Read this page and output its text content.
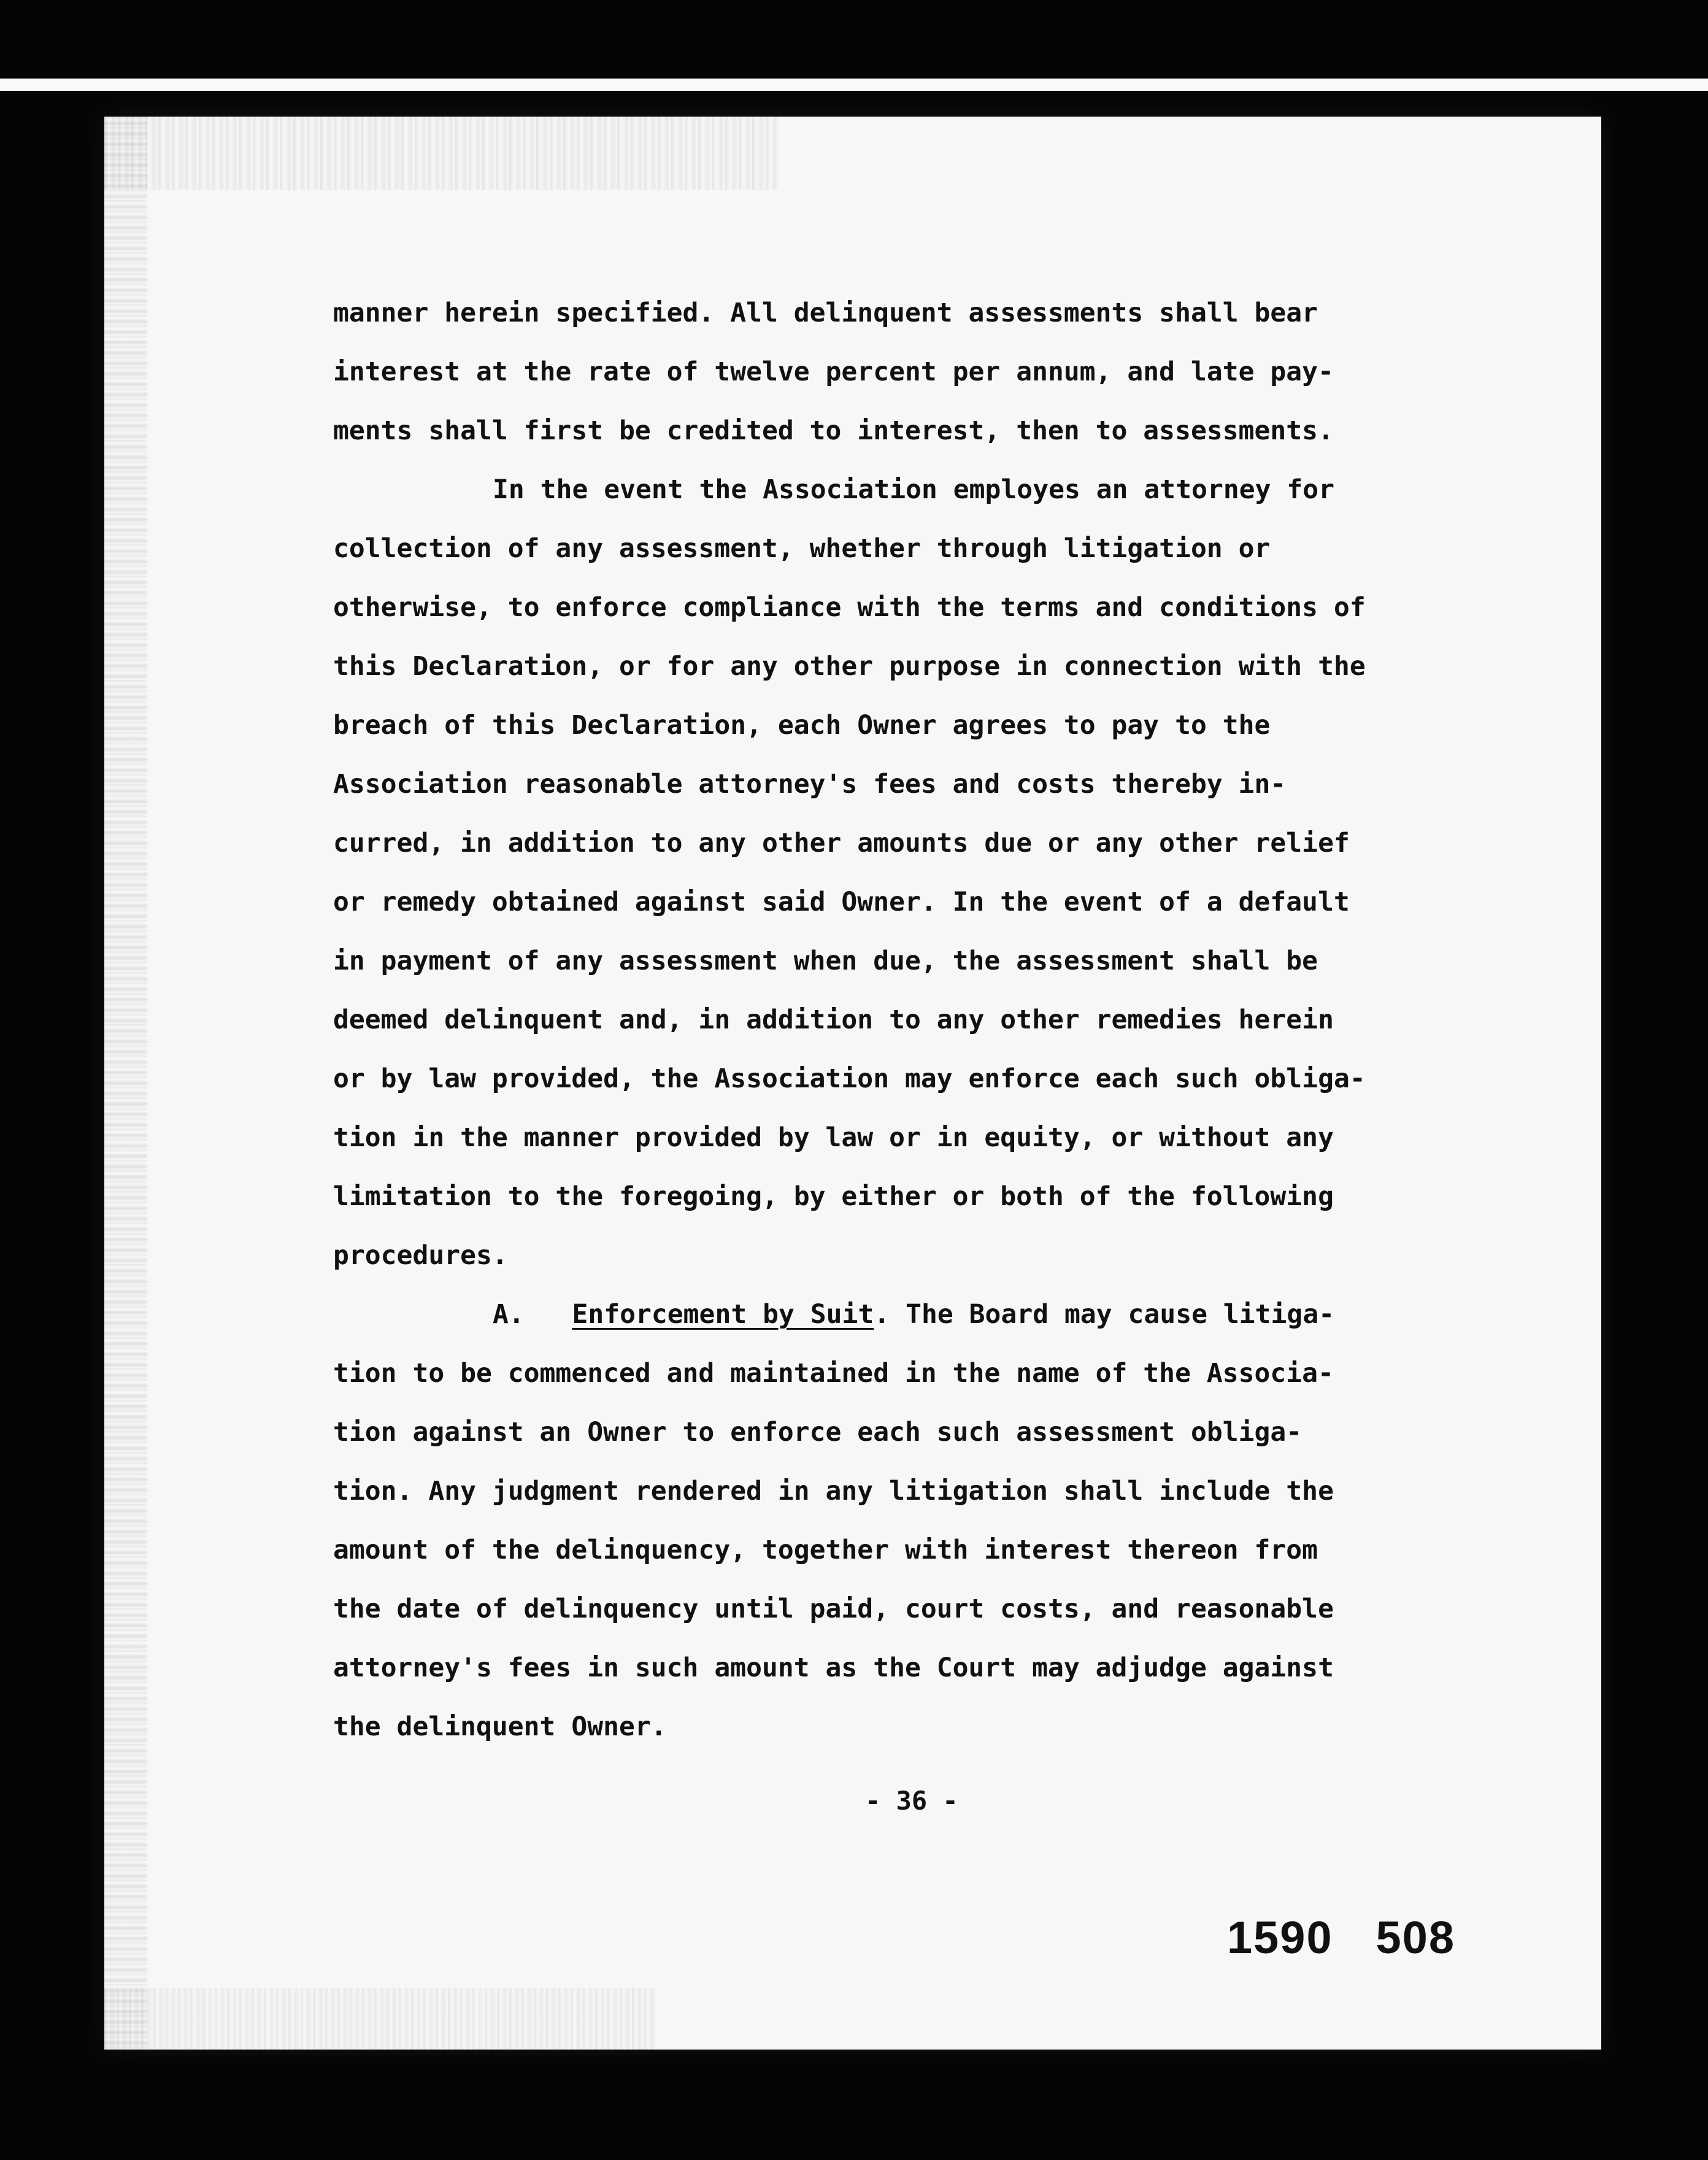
manner herein specified. All delinquent assessments shall bear
interest at the rate of twelve percent per annum, and late pay-
ments shall first be credited to interest, then to assessments.
In the event the Association employes an attorney for
collection of any assessment, whether through litigation or
otherwise, to enforce compliance with the terms and conditions of
this Declaration, or for any other purpose in connection with the
breach of this Declaration, each Owner agrees to pay to the
Association reasonable attorney's fees and costs thereby in-
curred, in addition to any other amounts due or any other relief
or remedy obtained against said Owner. In the event of a default
in payment of any assessment when due, the assessment shall be
deemed delinquent and, in addition to any other remedies herein
or by law provided, the Association may enforce each such obliga-
tion in the manner provided by law or in equity, or without any
limitation to the foregoing, by either or both of the following
procedures.
A. Enforcement by Suit. The Board may cause litiga-
tion to be commenced and maintained in the name of the Associa-
tion against an Owner to enforce each such assessment obliga-
tion. Any judgment rendered in any litigation shall include the
amount of the delinquency, together with interest thereon from
the date of delinquency until paid, court costs, and reasonable
attorney's fees in such amount as the Court may adjudge against
the delinquent Owner.
- 36 -
1590 508
